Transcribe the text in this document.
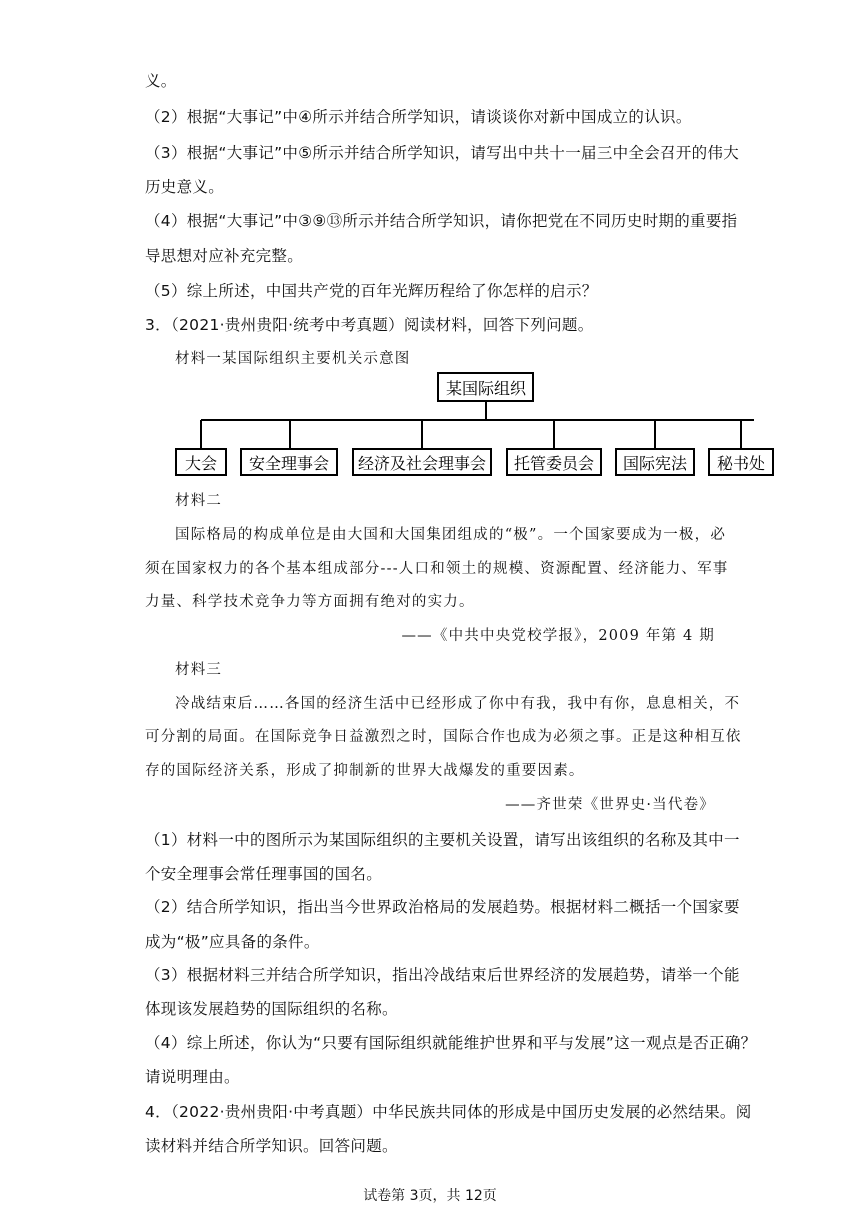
义。
（2）根据“大事记”中④所示并结合所学知识，请谈谈你对新中国成立的认识。
（3）根据“大事记”中⑤所示并结合所学知识，请写出中共十一届三中全会召开的伟大
历史意义。
（4）根据“大事记”中③⑨⑬所示并结合所学知识，请你把党在不同历史时期的重要指
导思想对应补充完整。
（5）综上所述，中国共产党的百年光辉历程给了你怎样的启示？
3．（2021·贵州贵阳·统考中考真题）阅读材料，回答下列问题。
材料一某国际组织主要机关示意图
某国际组织
大会 安全理事会 经济及社会理事会 托管委员会 国际宪法 秘书处
材料二
国际格局的构成单位是由大国和大国集团组成的“极”。一个国家要成为一极，必
须在国家权力的各个基本组成部分---人口和领土的规模、资源配置、经济能力、军事
力量、科学技术竞争力等方面拥有绝对的实力。
——《中共中央党校学报》，2009 年第 4 期
材料三
冷战结束后……各国的经济生活中已经形成了你中有我，我中有你，息息相关，不
可分割的局面。在国际竞争日益激烈之时，国际合作也成为必须之事。正是这种相互依
存的国际经济关系，形成了抑制新的世界大战爆发的重要因素。
——齐世荣《世界史·当代卷》
（1）材料一中的图所示为某国际组织的主要机关设置，请写出该组织的名称及其中一
个安全理事会常任理事国的国名。
（2）结合所学知识，指出当今世界政治格局的发展趋势。根据材料二概括一个国家要
成为“极”应具备的条件。
（3）根据材料三并结合所学知识，指出冷战结束后世界经济的发展趋势，请举一个能
体现该发展趋势的国际组织的名称。
（4）综上所述，你认为“只要有国际组织就能维护世界和平与发展”这一观点是否正确？
请说明理由。
4．（2022·贵州贵阳·中考真题）中华民族共同体的形成是中国历史发展的必然结果。阅
读材料并结合所学知识。回答问题。
试卷第 3页，共 12页
